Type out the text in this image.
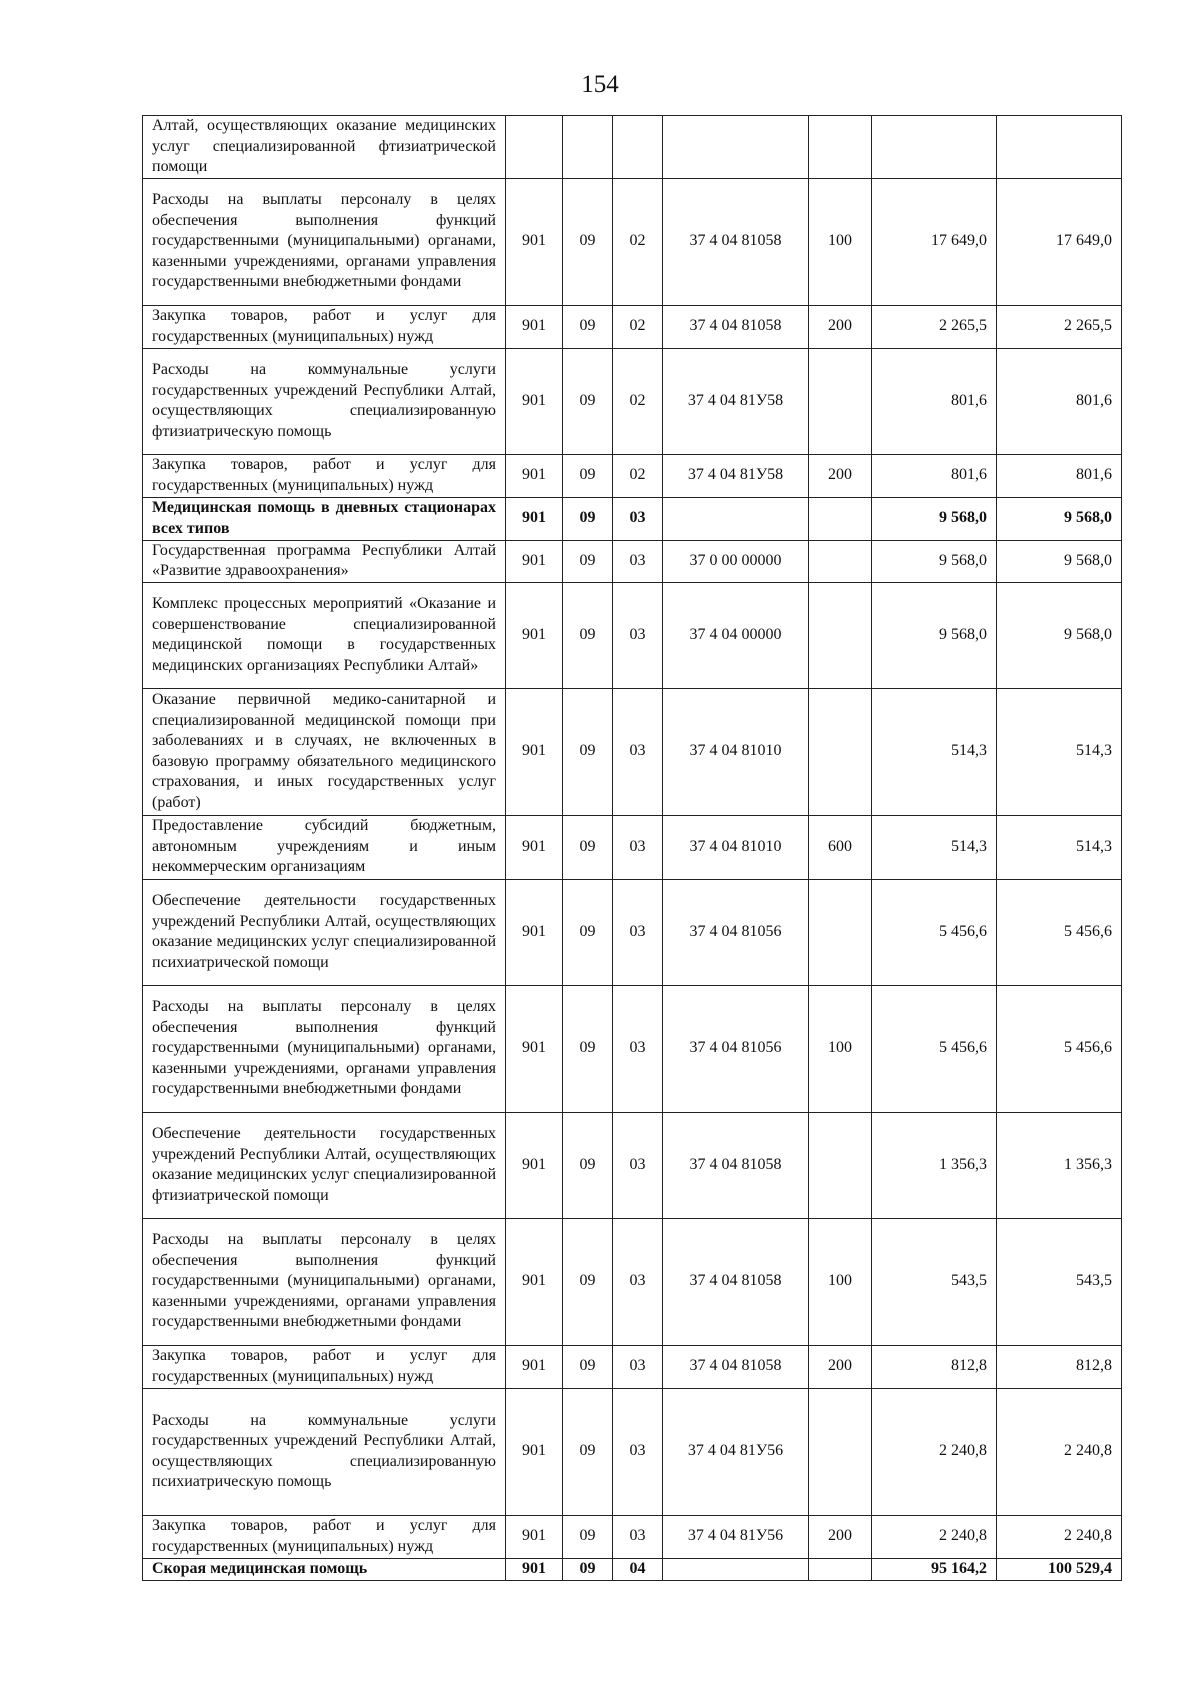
154
Алтай, осуществляющих оказание медицинских услуг специализированной фтизиатрической помощи							
Расходы на выплаты персоналу в целях обеспечения выполнения функций государственными (муниципальными) органами, казенными учреждениями, органами управления государственными внебюджетными фондами	901	09	02	37 4 04 81058	100	17 649,0	17 649,0
Закупка товаров, работ и услуг для государственных (муниципальных) нужд	901	09	02	37 4 04 81058	200	2 265,5	2 265,5
Расходы на коммунальные услуги государственных учреждений Республики Алтай, осуществляющих специализированную фтизиатрическую помощь	901	09	02	37 4 04 81У58		801,6	801,6
Закупка товаров, работ и услуг для государственных (муниципальных) нужд	901	09	02	37 4 04 81У58	200	801,6	801,6
Медицинская помощь в дневных стационарах всех типов	901	09	03			9 568,0	9 568,0
Государственная программа Республики Алтай «Развитие здравоохранения»	901	09	03	37 0 00 00000		9 568,0	9 568,0
Комплекс процессных мероприятий «Оказание и совершенствование специализированной медицинской помощи в государственных медицинских организациях Республики Алтай»	901	09	03	37 4 04 00000		9 568,0	9 568,0
Оказание первичной медико-санитарной и специализированной медицинской помощи при заболеваниях и в случаях, не включенных в базовую программу обязательного медицинского страхования, и иных государственных услуг (работ)	901	09	03	37 4 04 81010		514,3	514,3
Предоставление субсидий бюджетным, автономным учреждениям и иным некоммерческим организациям	901	09	03	37 4 04 81010	600	514,3	514,3
Обеспечение деятельности государственных учреждений Республики Алтай, осуществляющих оказание медицинских услуг специализированной психиатрической помощи	901	09	03	37 4 04 81056		5 456,6	5 456,6
Расходы на выплаты персоналу в целях обеспечения выполнения функций государственными (муниципальными) органами, казенными учреждениями, органами управления государственными внебюджетными фондами	901	09	03	37 4 04 81056	100	5 456,6	5 456,6
Обеспечение деятельности государственных учреждений Республики Алтай, осуществляющих оказание медицинских услуг специализированной фтизиатрической помощи	901	09	03	37 4 04 81058		1 356,3	1 356,3
Расходы на выплаты персоналу в целях обеспечения выполнения функций государственными (муниципальными) органами, казенными учреждениями, органами управления государственными внебюджетными фондами	901	09	03	37 4 04 81058	100	543,5	543,5
Закупка товаров, работ и услуг для государственных (муниципальных) нужд	901	09	03	37 4 04 81058	200	812,8	812,8
Расходы на коммунальные услуги государственных учреждений Республики Алтай, осуществляющих специализированную психиатрическую помощь	901	09	03	37 4 04 81У56		2 240,8	2 240,8
Закупка товаров, работ и услуг для государственных (муниципальных) нужд	901	09	03	37 4 04 81У56	200	2 240,8	2 240,8
Скорая медицинская помощь	901	09	04			95 164,2	100 529,4
